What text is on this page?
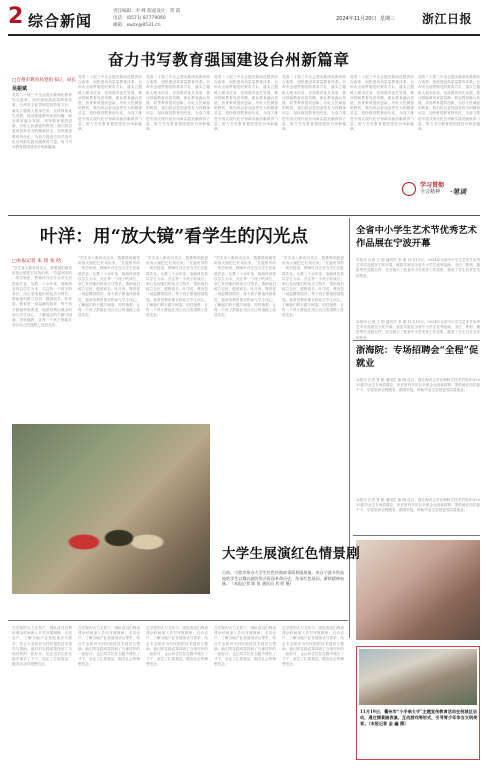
2 综合新闻
责任编辑：李 峰 版面设计：常 霞
电话：(0571) 87779060
邮箱：xwzx@8531.cn
2024年11月20日 星期三 浙江日报
奋力书写教育强国建设台州新篇章
□台州市教育局党组书记、局长
吴振斌
党的二十届三中全会提出要深化教育综合改革，加快建设高质量教育体系。台州市全面贯彻党的教育方针，落实立德树人根本任务，坚持教育优先发展，推动基础教育优质均衡，职业教育融合发展，高等教育提质创新，办好人民满意的教育。我们将以更加奋发有为的精神状态，加快推进教育现代化，为奋力推进中国式现代化台州新实践贡献教育力量，努力书写教育强国建设台州新篇章。
党的二十届三中全会提出要深化教育综合改革，加快建设高质量教育体系。台州市全面贯彻党的教育方针，落实立德树人根本任务，坚持教育优先发展，推动基础教育优质均衡，职业教育融合发展，高等教育提质创新，办好人民满意的教育。我们将以更加奋发有为的精神状态，加快推进教育现代化，为奋力推进中国式现代化台州新实践贡献教育力量，努力书写教育强国建设台州新篇章。
党的二十届三中全会提出要深化教育综合改革，加快建设高质量教育体系。台州市全面贯彻党的教育方针，落实立德树人根本任务，坚持教育优先发展，推动基础教育优质均衡，职业教育融合发展，高等教育提质创新，办好人民满意的教育。我们将以更加奋发有为的精神状态，加快推进教育现代化，为奋力推进中国式现代化台州新实践贡献教育力量，努力书写教育强国建设台州新篇章。
党的二十届三中全会提出要深化教育综合改革，加快建设高质量教育体系。台州市全面贯彻党的教育方针，落实立德树人根本任务，坚持教育优先发展，推动基础教育优质均衡，职业教育融合发展，高等教育提质创新，办好人民满意的教育。我们将以更加奋发有为的精神状态，加快推进教育现代化，为奋力推进中国式现代化台州新实践贡献教育力量，努力书写教育强国建设台州新篇章。
党的二十届三中全会提出要深化教育综合改革，加快建设高质量教育体系。台州市全面贯彻党的教育方针，落实立德树人根本任务，坚持教育优先发展，推动基础教育优质均衡，职业教育融合发展，高等教育提质创新，办好人民满意的教育。我们将以更加奋发有为的精神状态，加快推进教育现代化，为奋力推进中国式现代化台州新实践贡献教育力量，努力书写教育强国建设台州新篇章。
党的二十届三中全会提出要深化教育综合改革，加快建设高质量教育体系。台州市全面贯彻党的教育方针，落实立德树人根本任务，坚持教育优先发展，推动基础教育优质均衡，职业教育融合发展，高等教育提质创新，办好人民满意的教育。我们将以更加奋发有为的精神状态，加快推进教育现代化，为奋力推进中国式现代化台州新实践贡献教育力量，努力书写教育强国建设台州新篇章。
党的二十届三中全会提出要深化教育综合改革，加快建设高质量教育体系。台州市全面贯彻党的教育方针，落实立德树人根本任务，坚持教育优先发展，推动基础教育优质均衡，职业教育融合发展，高等教育提质创新，办好人民满意的教育。我们将以更加奋发有为的精神状态，加快推进教育现代化，为奋力推进中国式现代化台州新实践贡献教育力量，努力书写教育强国建设台州新篇章。
学习贯彻
全会精神 ·笔谈
叶洋：用“放大镜”看学生的闪光点
□本报记者 朱 琦 张 晗
“学生身上都有闪光点，我要做的就是用放大镜把它们找出来。”在温州市的一所学校里，教师叶洋正在为学生们批改作业。从教二十余年来，他始终坚持以学生为本，关注每一个孩子的成长，用心发现他们的优点与特长，帮助他们树立自信、健康成长。叶洋说，教育是一场温暖的陪伴，每个孩子都值得被看见。他常常利用课余时间与学生谈心，了解他们的兴趣与困惑，因材施教，让每一个孩子都能在适合自己的道路上绽放光彩。
“学生身上都有闪光点，我要做的就是用放大镜把它们找出来。”在温州市的一所学校里，教师叶洋正在为学生们批改作业。从教二十余年来，他始终坚持以学生为本，关注每一个孩子的成长，用心发现他们的优点与特长，帮助他们树立自信、健康成长。叶洋说，教育是一场温暖的陪伴，每个孩子都值得被看见。他常常利用课余时间与学生谈心，了解他们的兴趣与困惑，因材施教，让每一个孩子都能在适合自己的道路上绽放光彩。
“学生身上都有闪光点，我要做的就是用放大镜把它们找出来。”在温州市的一所学校里，教师叶洋正在为学生们批改作业。从教二十余年来，他始终坚持以学生为本，关注每一个孩子的成长，用心发现他们的优点与特长，帮助他们树立自信、健康成长。叶洋说，教育是一场温暖的陪伴，每个孩子都值得被看见。他常常利用课余时间与学生谈心，了解他们的兴趣与困惑，因材施教，让每一个孩子都能在适合自己的道路上绽放光彩。
“学生身上都有闪光点，我要做的就是用放大镜把它们找出来。”在温州市的一所学校里，教师叶洋正在为学生们批改作业。从教二十余年来，他始终坚持以学生为本，关注每一个孩子的成长，用心发现他们的优点与特长，帮助他们树立自信、健康成长。叶洋说，教育是一场温暖的陪伴，每个孩子都值得被看见。他常常利用课余时间与学生谈心，了解他们的兴趣与困惑，因材施教，让每一个孩子都能在适合自己的道路上绽放光彩。
“学生身上都有闪光点，我要做的就是用放大镜把它们找出来。”在温州市的一所学校里，教师叶洋正在为学生们批改作业。从教二十余年来，他始终坚持以学生为本，关注每一个孩子的成长，用心发现他们的优点与特长，帮助他们树立自信、健康成长。叶洋说，教育是一场温暖的陪伴，每个孩子都值得被看见。他常常利用课余时间与学生谈心，了解他们的兴趣与困惑，因材施教，让每一个孩子都能在适合自己的道路上绽放光彩。
全省中小学生艺术节优秀艺术作品展在宁波开幕
本报讯 记者 王 婷 通讯员 李 明 11月19日，2024年全省中小学生艺术节优秀艺术作品展在宁波开幕。展览共展出全省中小学生优秀绘画、书法、篆刻、摄影等作品数百件，充分展示了我省中小学美育工作成果，激发了学生们对艺术的热爱。
本报讯 记者 王 婷 通讯员 李 明 11月19日，2024年全省中小学生艺术节优秀艺术作品展在宁波开幕。展览共展出全省中小学生优秀绘画、书法、篆刻、摄影等作品数百件，充分展示了我省中小学美育工作成果，激发了学生们对艺术的热爱。
浙海院：专场招聘会“全程”促就业
本报讯 记者 张 帆 通讯员 陈 晓 近日，浙江海洋大学东海科学技术学院举办2025届毕业生专场招聘会，来自省内外的百余家企业进校招聘，提供就业岗位数千个。学校坚持全程服务、精准对接，帮助毕业生实现更高质量就业。
本报讯 记者 张 帆 通讯员 陈 晓 近日，浙江海洋大学东海科学技术学院举办2025届毕业生专场招聘会，来自省内外的百余家企业进校招聘，提供就业岗位数千个。学校坚持全程服务、精准对接，帮助毕业生实现更高质量就业。
大学生展演红色情景剧
日前，宁波市举办大学生红色经典故事情景剧展演。来自宁波多所高校的学生以舞台剧的形式再现革命历史，传承红色基因，赓续精神血脉。（本报记者 陈 岗 通讯员 刘 明 摄）
在学校的大力支持下，团队成员们利用课余时间深入乡村开展调研，走访农户，了解当地产业发展现状与需求，结合专业知识为村民提供技术指导与帮助。他们的实践成果得到了当地村民的一致好评，也让同学们在实践中增长了才干，坚定了扎根基层、服务社会的理想信念。
在学校的大力支持下，团队成员们利用课余时间深入乡村开展调研，走访农户，了解当地产业发展现状与需求，结合专业知识为村民提供技术指导与帮助。他们的实践成果得到了当地村民的一致好评，也让同学们在实践中增长了才干，坚定了扎根基层、服务社会的理想信念。
在学校的大力支持下，团队成员们利用课余时间深入乡村开展调研，走访农户，了解当地产业发展现状与需求，结合专业知识为村民提供技术指导与帮助。他们的实践成果得到了当地村民的一致好评，也让同学们在实践中增长了才干，坚定了扎根基层、服务社会的理想信念。
在学校的大力支持下，团队成员们利用课余时间深入乡村开展调研，走访农户，了解当地产业发展现状与需求，结合专业知识为村民提供技术指导与帮助。他们的实践成果得到了当地村民的一致好评，也让同学们在实践中增长了才干，坚定了扎根基层、服务社会的理想信念。
在学校的大力支持下，团队成员们利用课余时间深入乡村开展调研，走访农户，了解当地产业发展现状与需求，结合专业知识为村民提供技术指导与帮助。他们的实践成果得到了当地村民的一致好评，也让同学们在实践中增长了才干，坚定了扎根基层、服务社会的理想信念。
11月19日，衢州市“小手牵大手”主题宣传教育活动在柯城区启动，通过情景剧表演、互动游戏等形式，引导青少年争当文明使者。（本报记者 金 鑫 摄）
